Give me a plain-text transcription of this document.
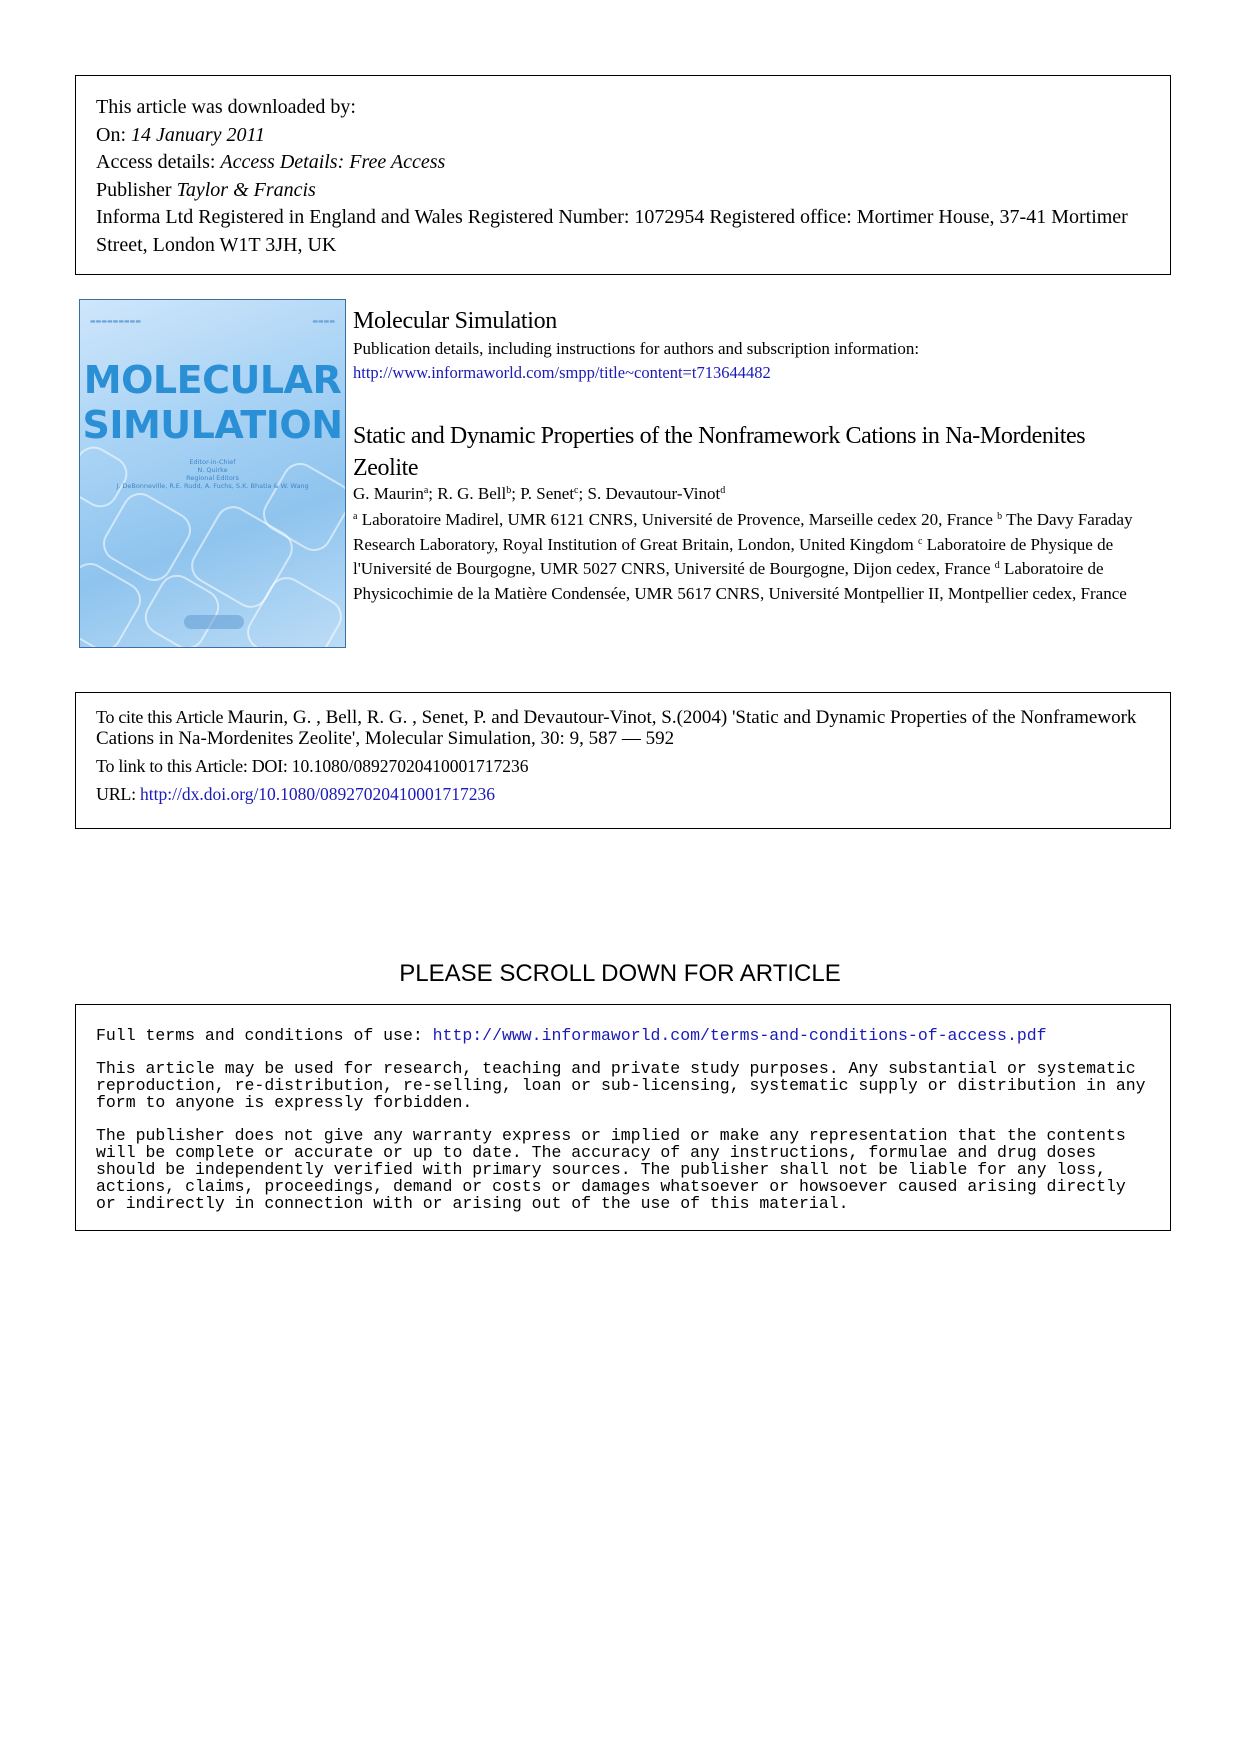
This article was downloaded by:
On: 14 January 2011
Access details: Access Details: Free Access
Publisher Taylor & Francis
Informa Ltd Registered in England and Wales Registered Number: 1072954 Registered office: Mortimer House, 37-41 Mortimer Street, London W1T 3JH, UK
▬▬▬▬▬▬▬▬▬	▬▬▬▬
MOLECULAR
SIMULATION
Editor-in-Chief
N. Quirke
Regional Editors
J. DeBonneville, R.E. Rudd, A. Fuchs, S.K. Bhatia & W. Wang
Molecular Simulation
Publication details, including instructions for authors and subscription information:
http://www.informaworld.com/smpp/title~content=t713644482
Static and Dynamic Properties of the Nonframework Cations in Na-Mordenites Zeolite
G. Maurin$^a$; R. G. Bell$^b$; P. Senet$^c$; S. Devautour-Vinot$^d$
$^a$ Laboratoire Madirel, UMR 6121 CNRS, Université de Provence, Marseille cedex 20, France $^b$ The Davy Faraday Research Laboratory, Royal Institution of Great Britain, London, United Kingdom $^c$ Laboratoire de Physique de l'Université de Bourgogne, UMR 5027 CNRS, Université de Bourgogne, Dijon cedex, France $^d$ Laboratoire de Physicochimie de la Matière Condensée, UMR 5617 CNRS, Université Montpellier II, Montpellier cedex, France
To cite this Article Maurin, G. , Bell, R. G. , Senet, P. and Devautour-Vinot, S.(2004) 'Static and Dynamic Properties of the Nonframework Cations in Na-Mordenites Zeolite', Molecular Simulation, 30: 9, 587 — 592
To link to this Article: DOI: 10.1080/08927020410001717236
URL: http://dx.doi.org/10.1080/08927020410001717236
PLEASE SCROLL DOWN FOR ARTICLE

Full terms and conditions of use: http://www.informaworld.com/terms-and-conditions-of-access.pdf

This article may be used for research, teaching and private study purposes. Any substantial or systematic reproduction, re-distribution, re-selling, loan or sub-licensing, systematic supply or distribution in any form to anyone is expressly forbidden.

The publisher does not give any warranty express or implied or make any representation that the contents will be complete or accurate or up to date. The accuracy of any instructions, formulae and drug doses should be independently verified with primary sources. The publisher shall not be liable for any loss, actions, claims, proceedings, demand or costs or damages whatsoever or howsoever caused arising directly or indirectly in connection with or arising out of the use of this material.
